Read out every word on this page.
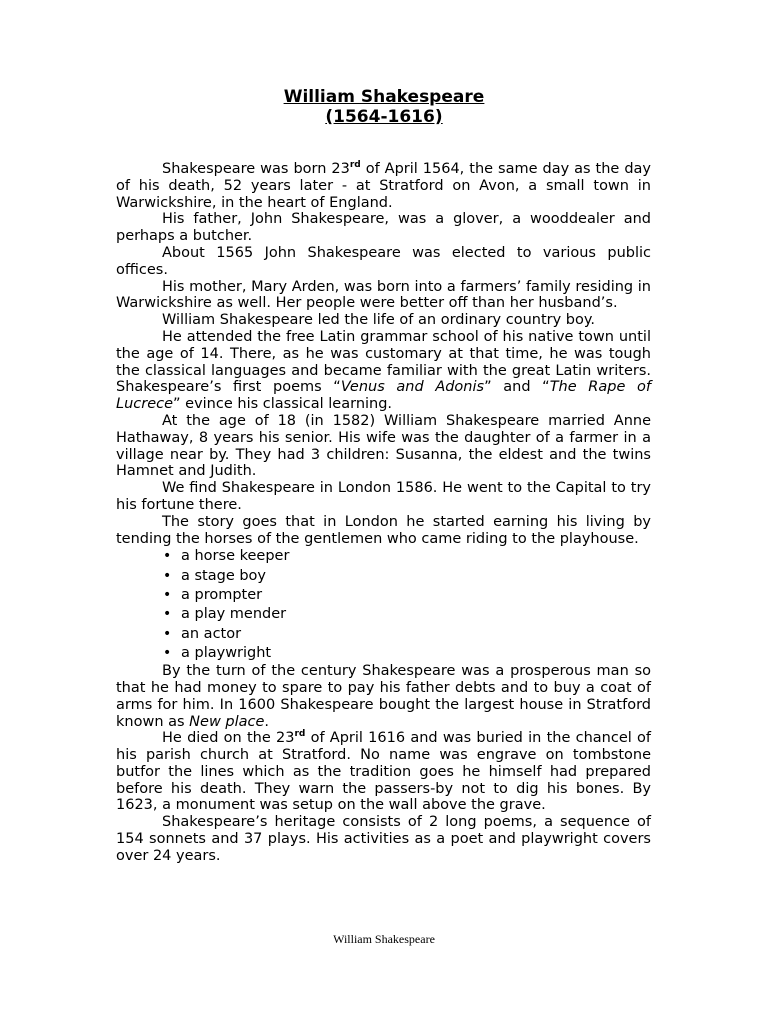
William Shakespeare
(1564-1616)

Shakespeare was born 23rd of April 1564, the same day as the day of his death, 52 years later - at Stratford on Avon, a small town in Warwickshire, in the heart of England.

His father, John Shakespeare, was a glover, a wooddealer and perhaps a butcher.

About 1565 John Shakespeare was elected to various public offices.

His mother, Mary Arden, was born into a farmers’ family residing in Warwickshire as well. Her people were better off than her husband’s.

William Shakespeare led the life of an ordinary country boy.

He attended the free Latin grammar school of his native town until the age of 14. There, as he was customary at that time, he was tough the classical languages and became familiar with the great Latin writers. Shakespeare’s first poems “Venus and Adonis” and “The Rape of Lucrece” evince his classical learning.

At the age of 18 (in 1582) William Shakespeare married Anne Hathaway, 8 years his senior. His wife was the daughter of a farmer in a village near by. They had 3 children: Susanna, the eldest and the twins Hamnet and Judith.

We find Shakespeare in London 1586. He went to the Capital to try his fortune there.

The story goes that in London he started earning his living by tending the horses of the gentlemen who came riding to the playhouse.

• a horse keeper
• a stage boy
• a prompter
• a play mender
• an actor
• a playwright

By the turn of the century Shakespeare was a prosperous man so that he had money to spare to pay his father debts and to buy a coat of arms for him. In 1600 Shakespeare bought the largest house in Stratford known as New place.

He died on the 23rd of April 1616 and was buried in the chancel of his parish church at Stratford. No name was engrave on tombstone butfor the lines which as the tradition goes he himself had prepared before his death. They warn the passers-by not to dig his bones. By 1623, a monument was setup on the wall above the grave.

Shakespeare’s heritage consists of 2 long poems, a sequence of 154 sonnets and 37 plays. His activities as a poet and playwright covers over 24 years.

William Shakespeare
